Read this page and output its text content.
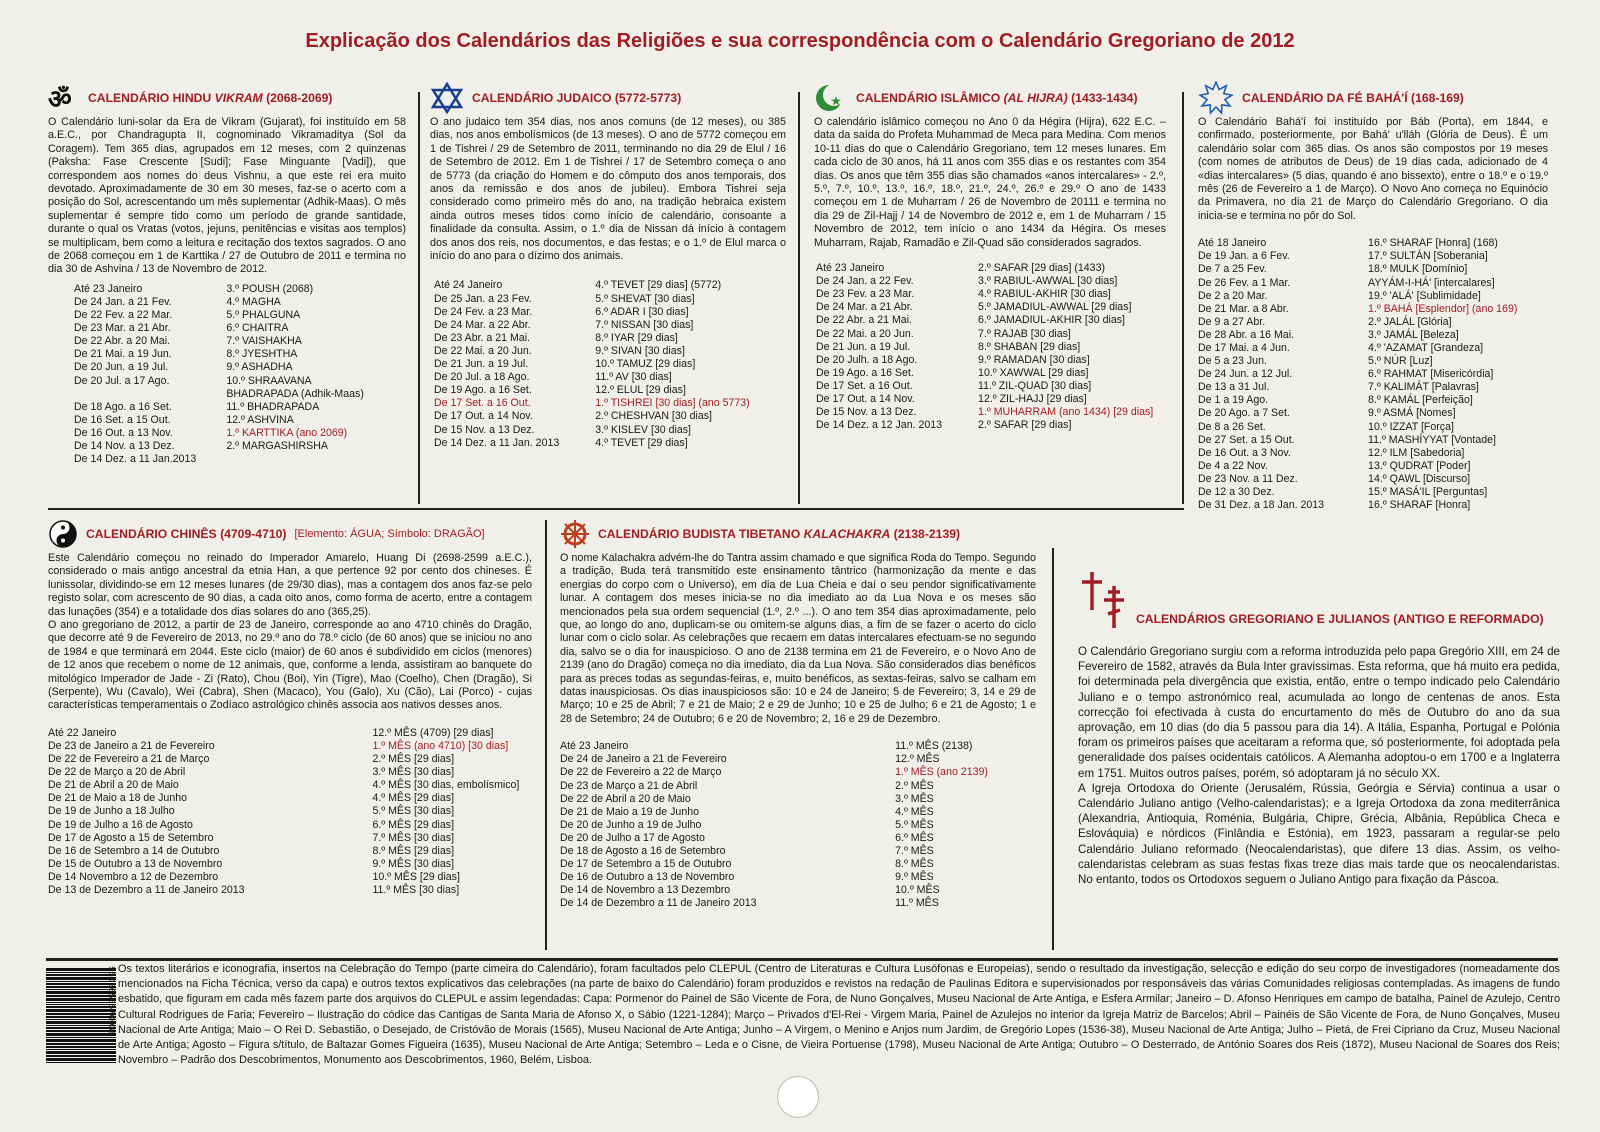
Explicação dos Calendários das Religiões e sua correspondência com o Calendário Gregoriano de 2012
ॐ CALENDÁRIO HINDU VIKRAM (2068-2069)
O Calendário luni-solar da Era de Vikram (Gujarat), foi instituído em 58 a.E.C., por Chandragupta II, cognominado Vikramaditya (Sol da Coragem). Tem 365 dias, agrupados em 12 meses, com 2 quinzenas (Paksha: Fase Crescente [Sudi]; Fase Minguante [Vadi]), que correspondem aos nomes do deus Vishnu, a que este rei era muito devotado. Aproximadamente de 30 em 30 meses, faz-se o acerto com a posição do Sol, acrescentando um mês suplementar (Adhik-Maas). O mês suplementar é sempre tido como um período de grande santidade, durante o qual os Vratas (votos, jejuns, penitências e visitas aos templos) se multiplicam, bem como a leitura e recitação dos textos sagrados. O ano de 2068 começou em 1 de Karttika / 27 de Outubro de 2011 e termina no dia 30 de Ashvina / 13 de Novembro de 2012.
Até 23 Janeiro	3.º POUSH (2068)
De 24 Jan. a 21 Fev.	4.º MAGHA
De 22 Fev. a 22 Mar.	5.º PHALGUNA
De 23 Mar. a 21 Abr.	6.º CHAITRA
De 22 Abr. a 20 Mai.	7.º VAISHAKHA
De 21 Mai. a 19 Jun.	8.º JYESHTHA
De 20 Jun. a 19 Jul.	9.º ASHADHA
De 20 Jul. a 17 Ago.	10.º SHRAAVANA
	BHADRAPADA (Adhik-Maas)
De 18 Ago. a 16 Set.	11.º BHADRAPADA
De 16 Set. a 15 Out.	12.º ASHVINA
De 16 Out. a 13 Nov.	1.º KARTTIKA (ano 2069)
De 14 Nov. a 13 Dez.	2.º MARGASHIRSHA
De 14 Dez. a 11 Jan.2013	
CALENDÁRIO JUDAICO (5772-5773)
O ano judaico tem 354 dias, nos anos comuns (de 12 meses), ou 385 dias, nos anos embolísmicos (de 13 meses). O ano de 5772 começou em 1 de Tishrei / 29 de Setembro de 2011, terminando no dia 29 de Elul / 16 de Setembro de 2012. Em 1 de Tishrei / 17 de Setembro começa o ano de 5773 (da criação do Homem e do cômputo dos anos temporais, dos anos da remissão e dos anos de jubileu). Embora Tishrei seja considerado como primeiro mês do ano, na tradição hebraica existem ainda outros meses tidos como início de calendário, consoante a finalidade da consulta. Assim, o 1.º dia de Nissan dá início à contagem dos anos dos reis, nos documentos, e das festas; e o 1.º de Elul marca o início do ano para o dízimo dos animais.
Até 24 Janeiro	4.º TEVET [29 dias] (5772)
De 25 Jan. a 23 Fev.	5.º SHEVAT [30 dias]
De 24 Fev. a 23 Mar.	6.º ADAR I [30 dias]
De 24 Mar. a 22 Abr.	7.º NISSAN [30 dias]
De 23 Abr. a 21 Mai.	8.º IYAR [29 dias]
De 22 Mai. a 20 Jun.	9.º SIVAN [30 dias]
De 21 Jun. a 19 Jul.	10.º TAMUZ [29 dias]
De 20 Jul. a 18 Ago.	11.º AV [30 dias]
De 19 Ago. a 16 Set.	12.º ELUL [29 dias]
De 17 Set. a 16 Out.	1.º TISHREI [30 dias] (ano 5773)
De 17 Out. a 14 Nov.	2.º CHESHVAN [30 dias]
De 15 Nov. a 13 Dez.	3.º KISLEV [30 dias]
De 14 Dez. a 11 Jan. 2013	4.º TEVET [29 dias]
CALENDÁRIO ISLÂMICO (AL HIJRA) (1433-1434)
O calendário islâmico começou no Ano 0 da Hégira (Hijra), 622 E.C. – data da saída do Profeta Muhammad de Meca para Medina. Com menos 10-11 dias do que o Calendário Gregoriano, tem 12 meses lunares. Em cada ciclo de 30 anos, há 11 anos com 355 dias e os restantes com 354 dias. Os anos que têm 355 dias são chamados «anos intercalares» - 2.º, 5.º, 7.º, 10.º, 13.º, 16.º, 18.º, 21.º, 24.º, 26.º e 29.º O ano de 1433 começou em 1 de Muharram / 26 de Novembro de 20111 e termina no dia 29 de Zil-Hajj / 14 de Novembro de 2012 e, em 1 de Muharram / 15 Novembro de 2012, tem início o ano 1434 da Hégira. Os meses Muharram, Rajab, Ramadão e Zil-Quad são considerados sagrados.
Até 23 Janeiro	2.º SAFAR [29 dias] (1433)
De 24 Jan. a 22 Fev.	3.º RABIUL-AWWAL [30 dias]
De 23 Fev. a 23 Mar.	4.º RABIUL-AKHIR [30 dias]
De 24 Mar. a 21 Abr.	5.º JAMADIUL-AWWAL [29 dias]
De 22 Abr. a 21 Mai.	6.º JAMADIUL-AKHIR [30 dias]
De 22 Mai. a 20 Jun.	7.º RAJAB [30 dias]
De 21 Jun. a 19 Jul.	8.º SHABAN [29 dias]
De 20 Julh. a 18 Ago.	9.º RAMADAN [30 dias]
De 19 Ago. a 16 Set.	10.º XAWWAL [29 dias]
De 17 Set. a 16 Out.	11.º ZIL-QUAD [30 dias]
De 17 Out. a 14 Nov.	12.º ZIL-HAJJ [29 dias]
De 15 Nov. a 13 Dez.	1.º MUHARRAM (ano 1434) [29 dias]
De 14 Dez. a 12 Jan. 2013	2.º SAFAR [29 dias]
CALENDÁRIO DA FÉ BAHÁ'Í (168-169)
O Calendário Bahá'í foi instituído por Báb (Porta), em 1844, e confirmado, posteriormente, por Bahá' u'lláh (Glória de Deus). É um calendário solar com 365 dias. Os anos são compostos por 19 meses (com nomes de atributos de Deus) de 19 dias cada, adicionado de 4 «dias intercalares» (5 dias, quando é ano bissexto), entre o 18.º e o 19.º mês (26 de Fevereiro a 1 de Março). O Novo Ano começa no Equinócio da Primavera, no dia 21 de Março do Calendário Gregoriano. O dia inicia-se e termina no pôr do Sol.
Até 18 Janeiro	16.º SHARAF [Honra] (168)
De 19 Jan. a 6 Fev.	17.º SULTÁN [Soberania]
De 7 a 25 Fev.	18.º MULK [Domínio]
De 26 Fev. a 1 Mar.	AYYÁM-I-HÁ' [intercalares]
De 2 a 20 Mar.	19.º 'ALÁ' [Sublimidade]
De 21 Mar. a 8 Abr.	1.º BAHÁ [Esplendor] (ano 169)
De 9 a 27 Abr.	2.º JALÁL [Glória]
De 28 Abr. a 16 Mai.	3.º JAMÁL [Beleza]
De 17 Mai. a 4 Jun.	4.º 'AZAMAT [Grandeza]
De 5 a 23 Jun.	5.º NÚR [Luz]
De 24 Jun. a 12 Jul.	6.º RAHMAT [Misericórdia]
De 13 a 31 Jul.	7.º KALIMÁT [Palavras]
De 1 a 19 Ago.	8.º KAMÁL [Perfeição]
De 20 Ago. a 7 Set.	9.º ASMÁ [Nomes]
De 8 a 26 Set.	10.º IZZAT [Força]
De 27 Set. a 15 Out.	11.º MASHÍYYAT [Vontade]
De 16 Out. a 3 Nov.	12.º ILM [Sabedoria]
De 4 a 22 Nov.	13.º QUDRAT [Poder]
De 23 Nov. a 11 Dez.	14.º QAWL [Discurso]
De 12 a 30 Dez.	15.º MASÁ'IL [Perguntas]
De 31 Dez. a 18 Jan. 2013	16.º SHARAF [Honra]
CALENDÁRIO CHINÊS (4709-4710) [Elemento: ÁGUA; Símbolo: DRAGÃO]
Este Calendário começou no reinado do Imperador Amarelo, Huang Di (2698-2599 a.E.C.), considerado o mais antigo ancestral da etnia Han, a que pertence 92 por cento dos chineses. É lunissolar, dividindo-se em 12 meses lunares (de 29/30 dias), mas a contagem dos anos faz-se pelo registo solar, com acrescento de 90 dias, a cada oito anos, como forma de acerto, entre a contagem das lunações (354) e a totalidade dos dias solares do ano (365,25).
O ano gregoriano de 2012, a partir de 23 de Janeiro, corresponde ao ano 4710 chinês do Dragão, que decorre até 9 de Fevereiro de 2013, no 29.º ano do 78.º ciclo (de 60 anos) que se iniciou no ano de 1984 e que terminará em 2044. Este ciclo (maior) de 60 anos é subdividido em ciclos (menores) de 12 anos que recebem o nome de 12 animais, que, conforme a lenda, assistiram ao banquete do mitológico Imperador de Jade - Zi (Rato), Chou (Boi), Yin (Tigre), Mao (Coelho), Chen (Dragão), Si (Serpente), Wu (Cavalo), Wei (Cabra), Shen (Macaco), You (Galo), Xu (Cão), Lai (Porco) - cujas características temperamentais o Zodíaco astrológico chinês associa aos nativos desses anos.
Até 22 Janeiro	12.º MÊS (4709) [29 dias]
De 23 de Janeiro a 21 de Fevereiro	1.º MÊS (ano 4710) [30 dias]
De 22 de Fevereiro a 21 de Março	2.º MÊS [29 dias]
De 22 de Março a 20 de Abril	3.º MÊS [30 dias]
De 21 de Abril a 20 de Maio	4.º MÊS [30 dias, embolísmico]
De 21 de Maio a 18 de Junho	4.º MÊS [29 dias]
De 19 de Junho a 18 Julho	5.º MÊS [30 dias]
De 19 de Julho a 16 de Agosto	6.º MÊS [29 dias]
De 17 de Agosto a 15 de Setembro	7.º MÊS [30 dias]
De 16 de Setembro a 14 de Outubro	8.º MÊS [29 dias]
De 15 de Outubro a 13 de Novembro	9.º MÊS [30 dias]
De 14 Novembro a 12 de Dezembro	10.º MÊS [29 dias]
De 13 de Dezembro a 11 de Janeiro 2013	11.º MÊS [30 dias]
CALENDÁRIO BUDISTA TIBETANO KALACHAKRA (2138-2139)
O nome Kalachakra advém-lhe do Tantra assim chamado e que significa Roda do Tempo. Segundo a tradição, Buda terá transmitido este ensinamento tântrico (harmonização da mente e das energias do corpo com o Universo), em dia de Lua Cheia e daí o seu pendor significativamente lunar. A contagem dos meses inicia-se no dia imediato ao da Lua Nova e os meses são mencionados pela sua ordem sequencial (1.º, 2.º ...). O ano tem 354 dias aproximadamente, pelo que, ao longo do ano, duplicam-se ou omitem-se alguns dias, a fim de se fazer o acerto do ciclo lunar com o ciclo solar. As celebrações que recaem em datas intercalares efectuam-se no segundo dia, salvo se o dia for inauspicioso. O ano de 2138 termina em 21 de Fevereiro, e o Novo Ano de 2139 (ano do Dragão) começa no dia imediato, dia da Lua Nova. São considerados dias benéficos para as preces todas as segundas-feiras, e, muito benéficos, as sextas-feiras, salvo se calham em datas inauspiciosas. Os dias inauspiciosos são: 10 e 24 de Janeiro; 5 de Fevereiro; 3, 14 e 29 de Março; 10 e 25 de Abril; 7 e 21 de Maio; 2 e 29 de Junho; 10 e 25 de Julho; 6 e 21 de Agosto; 1 e 28 de Setembro; 24 de Outubro; 6 e 20 de Novembro; 2, 16 e 29 de Dezembro.
Até 23 Janeiro	11.º MÊS (2138)
De 24 de Janeiro a 21 de Fevereiro	12.º MÊS
De 22 de Fevereiro a 22 de Março	1.º MÊS (ano 2139)
De 23 de Março a 21 de Abril	2.º MÊS
De 22 de Abril a 20 de Maio	3.º MÊS
De 21 de Maio a 19 de Junho	4.º MÊS
De 20 de Junho a 19 de Julho	5.º MÊS
De 20 de Julho a 17 de Agosto	6.º MÊS
De 18 de Agosto a 16 de Setembro	7.º MÊS
De 17 de Setembro a 15 de Outubro	8.º MÊS
De 16 de Outubro a 13 de Novembro	9.º MÊS
De 14 de Novembro a 13 Dezembro	10.º MÊS
De 14 de Dezembro a 11 de Janeiro 2013	11.º MÊS
CALENDÁRIOS GREGORIANO E JULIANOS (ANTIGO E REFORMADO)
O Calendário Gregoriano surgiu com a reforma introduzida pelo papa Gregório XIII, em 24 de Fevereiro de 1582, através da Bula Inter gravissimas. Esta reforma, que há muito era pedida, foi determinada pela divergência que existia, então, entre o tempo indicado pelo Calendário Juliano e o tempo astronómico real, acumulada ao longo de centenas de anos. Esta correcção foi efectivada à custa do encurtamento do mês de Outubro do ano da sua aprovação, em 10 dias (do dia 5 passou para dia 14). A Itália, Espanha, Portugal e Polónia foram os primeiros países que aceitaram a reforma que, só posteriormente, foi adoptada pela generalidade dos países ocidentais católicos. A Alemanha adoptou-o em 1700 e a Inglaterra em 1751. Muitos outros países, porém, só adoptaram já no século XX.
A Igreja Ortodoxa do Oriente (Jerusalém, Rússia, Geórgia e Sérvia) continua a usar o Calendário Juliano antigo (Velho-calendaristas); e a Igreja Ortodoxa da zona mediterrânica (Alexandria, Antioquia, Roménia, Bulgária, Chipre, Grécia, Albânia, República Checa e Eslováquia) e nórdicos (Finlândia e Estónia), em 1923, passaram a regular-se pelo Calendário Juliano reformado (Neocalendaristas), que difere 13 dias. Assim, os velho-calendaristas celebram as suas festas fixas treze dias mais tarde que os neocalendaristas. No entanto, todos os Ortodoxos seguem o Juliano Antigo para fixação da Páscoa.
5603658570038 Os textos literários e iconografia, insertos na Celebração do Tempo (parte cimeira do Calendário), foram facultados pelo CLEPUL (Centro de Literaturas e Cultura Lusófonas e Europeias), sendo o resultado da investigação, selecção e edição do seu corpo de investigadores (nomeadamente dos mencionados na Ficha Técnica, verso da capa) e outros textos explicativos das celebrações (na parte de baixo do Calendário) foram produzidos e revistos na redação de Paulinas Editora e supervisionados por responsáveis das várias Comunidades religiosas contempladas. As imagens de fundo esbatido, que figuram em cada mês fazem parte dos arquivos do CLEPUL e assim legendadas: Capa: Pormenor do Painel de São Vicente de Fora, de Nuno Gonçalves, Museu Nacional de Arte Antiga, e Esfera Armilar; Janeiro – D. Afonso Henriques em campo de batalha, Painel de Azulejo, Centro Cultural Rodrigues de Faria; Fevereiro – Ilustração do códice das Cantigas de Santa Maria de Afonso X, o Sábio (1221-1284); Março – Privados d'El-Rei - Virgem Maria, Painel de Azulejos no interior da Igreja Matriz de Barcelos; Abril – Painéis de São Vicente de Fora, de Nuno Gonçalves, Museu Nacional de Arte Antiga; Maio – O Rei D. Sebastião, o Desejado, de Cristóvão de Morais (1565), Museu Nacional de Arte Antiga; Junho – A Virgem, o Menino e Anjos num Jardim, de Gregório Lopes (1536-38), Museu Nacional de Arte Antiga; Julho – Pietá, de Frei Cipriano da Cruz, Museu Nacional de Arte Antiga; Agosto – Figura s/título, de Baltazar Gomes Figueira (1635), Museu Nacional de Arte Antiga; Setembro – Leda e o Cisne, de Vieira Portuense (1798), Museu Nacional de Arte Antiga; Outubro – O Desterrado, de António Soares dos Reis (1872), Museu Nacional de Soares dos Reis; Novembro – Padrão dos Descobrimentos, Monumento aos Descobrimentos, 1960, Belém, Lisboa.
